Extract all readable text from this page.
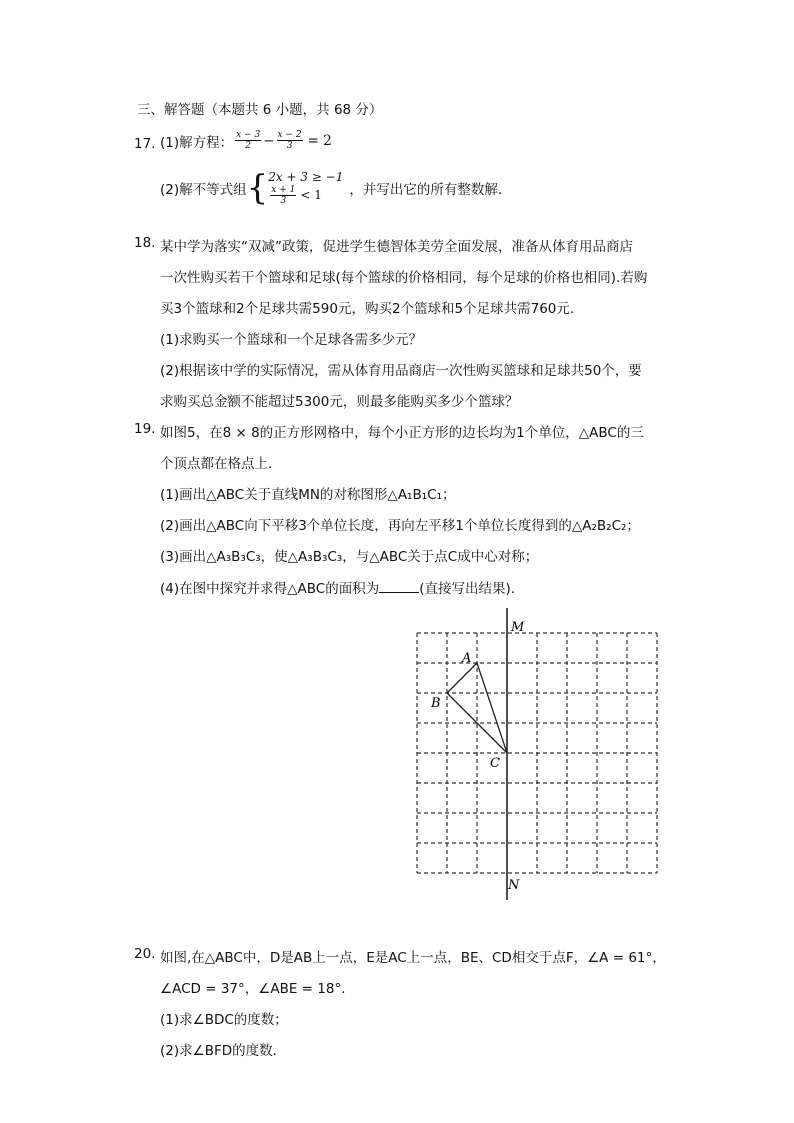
三、解答题（本题共 6 小题，共 68 分）
17. (1)解方程： $\frac{x - 3}{2} - \frac{x - 2}{3} = 2$
(2)解不等式组 { 2x + 3 ≥ −1
$\frac{x + 1}{3} < 1$ ，并写出它的所有整数解．
18. 某中学为落实“双减”政策，促进学生德智体美劳全面发展，准备从体育用品商店
一次性购买若干个篮球和足球(每个篮球的价格相同，每个足球的价格也相同).若购
买3个篮球和2个足球共需590元，购买2个篮球和5个足球共需760元．
(1)求购买一个篮球和一个足球各需多少元？
(2)根据该中学的实际情况，需从体育用品商店一次性购买篮球和足球共50个，要
求购买总金额不能超过5300元，则最多能购买多少个篮球？
19. 如图5，在8 × 8的正方形网格中，每个小正方形的边长均为1个单位，△ABC的三
个顶点都在格点上．
(1)画出△ABC关于直线MN的对称图形△A₁B₁C₁；
(2)画出△ABC向下平移3个单位长度，再向左平移1个单位长度得到的△A₂B₂C₂；
(3)画出△A₃B₃C₃，使△A₃B₃C₃，与△ABC关于点C成中心对称；
(4)在图中探究并求得△ABC的面积为	(直接写出结果)．
M
N
A
B
C
20. 如图,在△ABC中，D是AB上一点，E是AC上一点，BE、CD相交于点F，∠A = 61°，
∠ACD = 37°，∠ABE = 18°．
(1)求∠BDC的度数；
(2)求∠BFD的度数．
